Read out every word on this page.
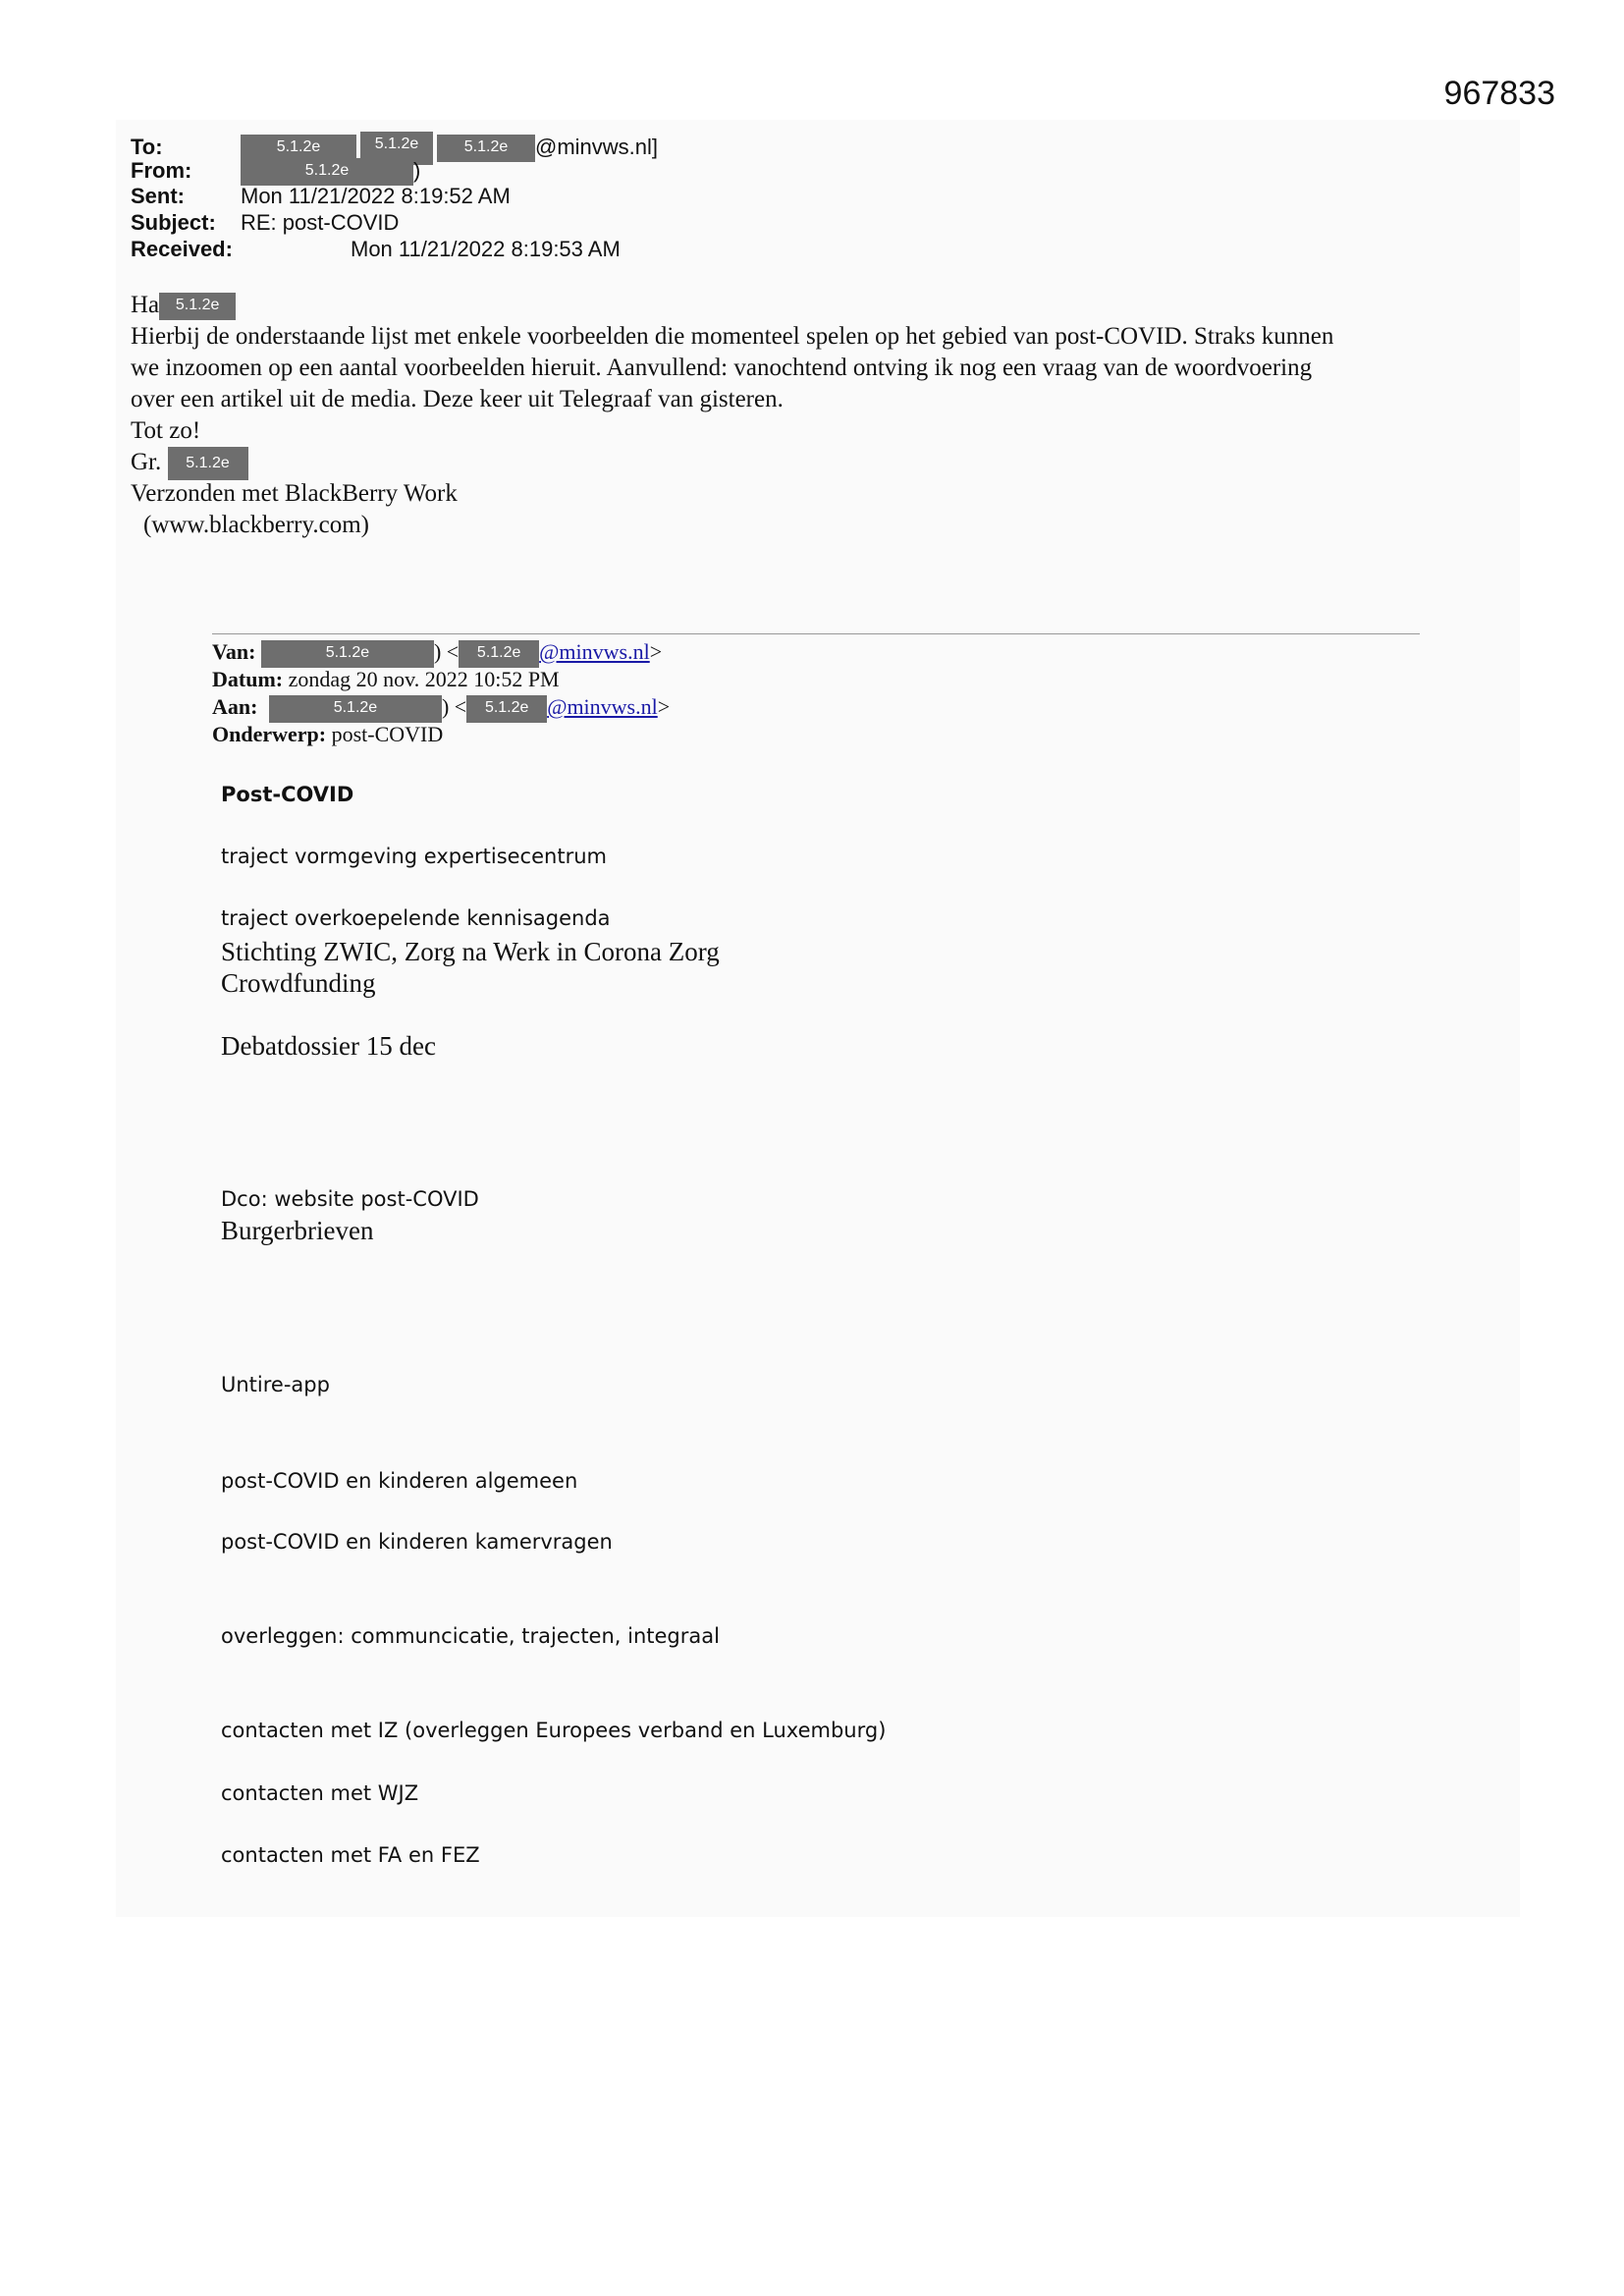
967833
To:	5.1.2e	5.1.2e	5.1.2e @minvws.nl]
From:	5.1.2e	)
Sent:	Mon 11/21/2022 8:19:52 AM
Subject: RE: post-COVID
Received:	Mon 11/21/2022 8:19:53 AM
Ha 5.1.2e
Hierbij de onderstaande lijst met enkele voorbeelden die momenteel spelen op het gebied van post-COVID. Straks kunnen
we inzoomen op een aantal voorbeelden hieruit. Aanvullend: vanochtend ontving ik nog een vraag van de woordvoering
over een artikel uit de media. Deze keer uit Telegraaf van gisteren.
Tot zo!
Gr. 5.1.2e
Verzonden met BlackBerry Work
(www.blackberry.com)
Van:	5.1.2e	) < 5.1.2e @minvws.nl>
Datum: zondag 20 nov. 2022 10:52 PM
Aan:	5.1.2e	) < 5.1.2e @minvws.nl>
Onderwerp: post-COVID
Post-COVID
traject vormgeving expertisecentrum
traject overkoepelende kennisagenda
Stichting ZWIC, Zorg na Werk in Corona Zorg
Crowdfunding
Debatdossier 15 dec
Dco: website post-COVID
Burgerbrieven
Untire-app
post-COVID en kinderen algemeen
post-COVID en kinderen kamervragen
overleggen: communcicatie, trajecten, integraal
contacten met IZ (overleggen Europees verband en Luxemburg)
contacten met WJZ
contacten met FA en FEZ
